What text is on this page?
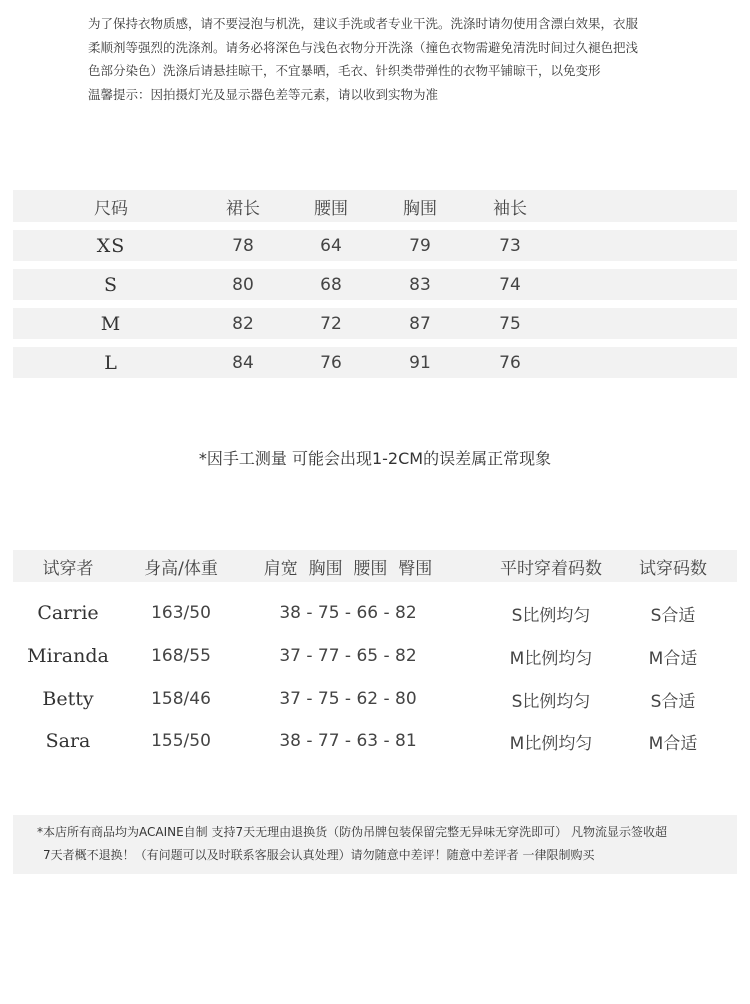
为了保持衣物质感，请不要浸泡与机洗，建议手洗或者专业干洗。洗涤时请勿使用含漂白效果，衣服

柔顺剂等强烈的洗涤剂。请务必将深色与浅色衣物分开洗涤（撞色衣物需避免清洗时间过久褪色把浅

色部分染色）洗涤后请悬挂晾干，不宜暴晒，毛衣、针织类带弹性的衣物平铺晾干，以免变形

温馨提示：因拍摄灯光及显示器色差等元素，请以收到实物为准

尺码	裙长	腰围	胸围	袖长
XS	78	64	79	73
S	80	68	83	74
M	82	72	87	75
L	84	76	91	76
*因手工测量 可能会出现1-2CM的误差属正常现象
试穿者	身高/体重	肩宽  胸围  腰围  臀围	平时穿着码数	试穿码数
Carrie	163/50	38 - 75 - 66 - 82	S比例均匀	S合适
Miranda	168/55	37 - 77 - 65 - 82	M比例均匀	M合适
Betty	158/46	37 - 75 - 62 - 80	S比例均匀	S合适
Sara	155/50	38 - 77 - 63 - 81	M比例均匀	M合适

*本店所有商品均为ACAINE自制 支持7天无理由退换货（防伪吊牌包装保留完整无异味无穿洗即可） 凡物流显示签收超

7天者概不退换！（有问题可以及时联系客服会认真处理）请勿随意中差评！随意中差评者 一律限制购买
